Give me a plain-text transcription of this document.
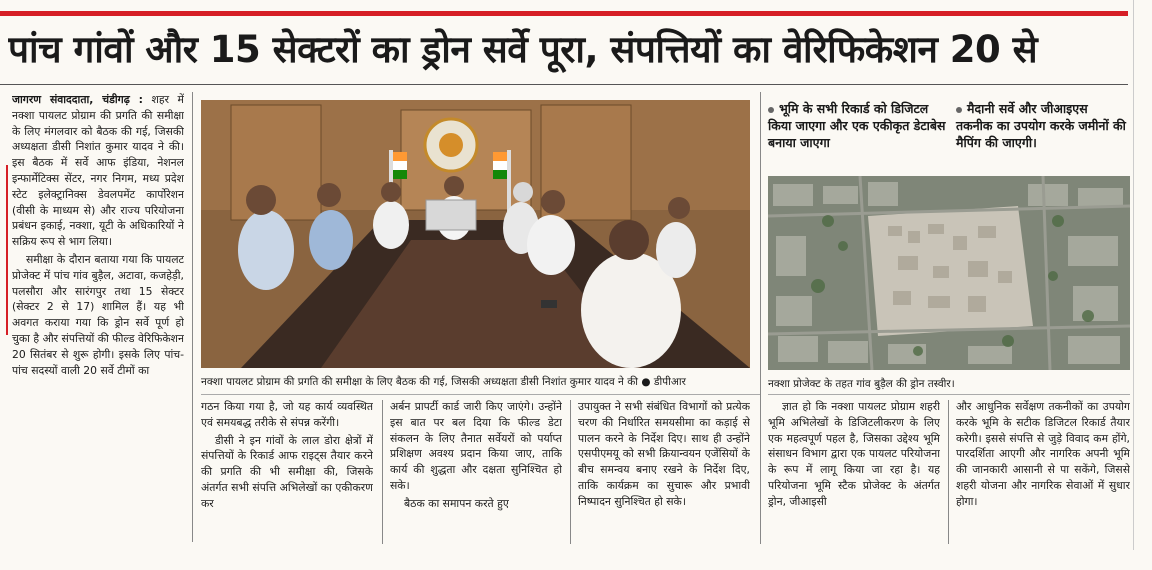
पांच गांवों और 15 सेक्टरों का ड्रोन सर्वे पूरा, संपत्तियों का वेरिफिकेशन 20 से

जागरण संवाददाता, चंडीगढ़ : शहर में नक्शा पायलट प्रोग्राम की प्रगति की समीक्षा के लिए मंगलवार को बैठक की गई, जिसकी अध्यक्षता डीसी निशांत कुमार यादव ने की। इस बैठक में सर्वे आफ इंडिया, नेशनल इन्फार्मेटिक्स सेंटर, नगर निगम, मध्य प्रदेश स्टेट इलेक्ट्रानिक्स डेवलपमेंट कार्पोरेशन (वीसी के माध्यम से) और राज्य परियोजना प्रबंधन इकाई, नक्शा, यूटी के अधिकारियों ने सक्रिय रूप से भाग लिया।

समीक्षा के दौरान बताया गया कि पायलट प्रोजेक्ट में पांच गांव बुड़ैल, अटावा, कजहेड़ी, पलसौरा और सारंगपुर तथा 15 सेक्टर (सेक्टर 2 से 17) शामिल हैं। यह भी अवगत कराया गया कि ड्रोन सर्वे पूर्ण हो चुका है और संपत्तियों की फील्ड वेरिफिकेशन 20 सितंबर से शुरू होगी। इसके लिए पांच-पांच सदस्यों वाली 20 सर्वे टीमों का

नक्शा पायलट प्रोग्राम की प्रगति की समीक्षा के लिए बैठक की गई, जिसकी अध्यक्षता डीसी निशांत कुमार यादव ने की ● डीपीआर

गठन किया गया है, जो यह कार्य व्यवस्थित एवं समयबद्ध तरीके से संपन्न करेंगी।

डीसी ने इन गांवों के लाल डोरा क्षेत्रों में संपत्तियों के रिकार्ड आफ राइट्स तैयार करने की प्रगति की भी समीक्षा की, जिसके अंतर्गत सभी संपत्ति अभिलेखों का एकीकरण कर

अर्बन प्रापर्टी कार्ड जारी किए जाएंगे। उन्होंने इस बात पर बल दिया कि फील्ड डेटा संकलन के लिए तैनात सर्वेयरों को पर्याप्त प्रशिक्षण अवश्य प्रदान किया जाए, ताकि कार्य की शुद्धता और दक्षता सुनिश्चित हो सके।

बैठक का समापन करते हुए

उपायुक्त ने सभी संबंधित विभागों को प्रत्येक चरण की निर्धारित समयसीमा का कड़ाई से पालन करने के निर्देश दिए। साथ ही उन्होंने एसपीएमयू को सभी क्रियान्वयन एजेंसियों के बीच समन्वय बनाए रखने के निर्देश दिए, ताकि कार्यक्रम का सुचारू और प्रभावी निष्पादन सुनिश्चित हो सके।

भूमि के सभी रिकार्ड को डिजिटल किया जाएगा और एक एकीकृत डेटाबेस बनाया जाएगा
मैदानी सर्वे और जीआइएस तकनीक का उपयोग करके जमीनों की मैपिंग की जाएगी।
नक्शा प्रोजेक्ट के तहत गांव बुड़ैल की ड्रोन तस्वीर।

ज्ञात हो कि नक्शा पायलट प्रोग्राम शहरी भूमि अभिलेखों के डिजिटलीकरण के लिए एक महत्वपूर्ण पहल है, जिसका उद्देश्य भूमि संसाधन विभाग द्वारा एक पायलट परियोजना के रूप में लागू किया जा रहा है। यह परियोजना भूमि स्टैक प्रोजेक्ट के अंतर्गत ड्रोन, जीआइसी

और आधुनिक सर्वेक्षण तकनीकों का उपयोग करके भूमि के सटीक डिजिटल रिकार्ड तैयार करेगी। इससे संपत्ति से जुड़े विवाद कम होंगे, पारदर्शिता आएगी और नागरिक अपनी भूमि की जानकारी आसानी से पा सकेंगे, जिससे शहरी योजना और नागरिक सेवाओं में सुधार होगा।
